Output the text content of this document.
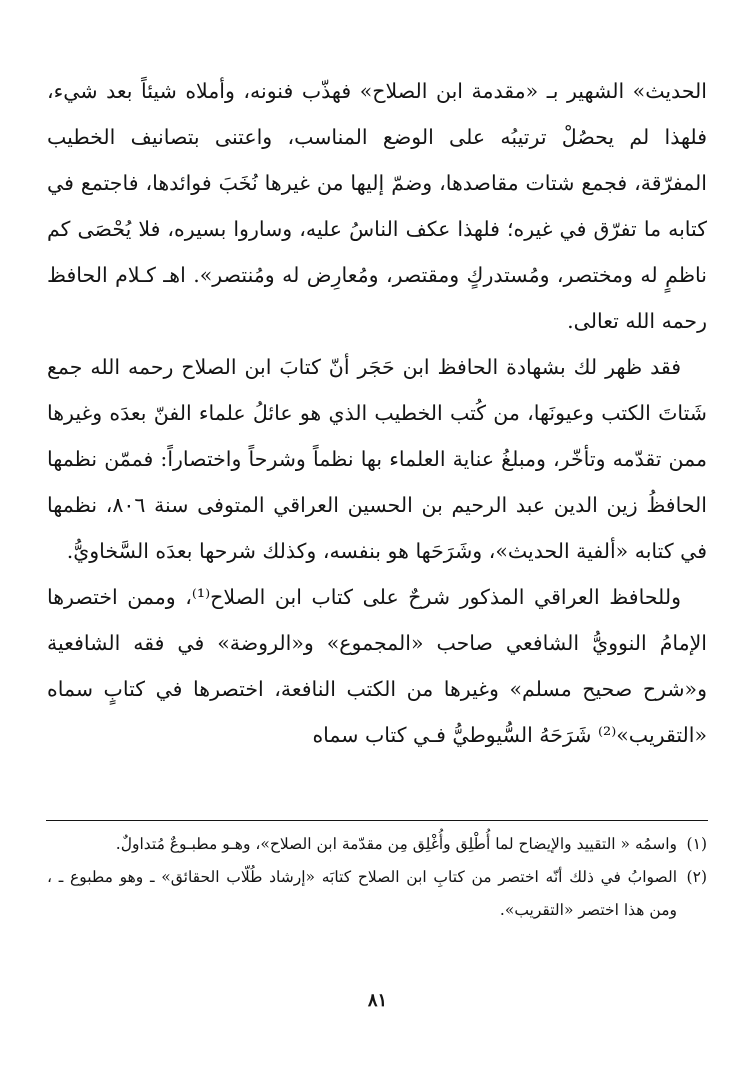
الحديث» الشهير بـ «مقدمة ابن الصلاح» فهذّب فنونه، وأملاه شيئاً بعد شيء، فلهذا لم يحصُلْ ترتيبُه على الوضع المناسب، واعتنى بتصانيف الخطيب المفرّقة، فجمع شتات مقاصدها، وضمّ إليها من غيرها نُخَبَ فوائدها، فاجتمع في كتابه ما تفرّق في غيره؛ فلهذا عكف الناسُ عليه، وساروا بسيره، فلا يُحْصَى كم ناظمٍ له ومختصر، ومُستدركٍ ومقتصر، ومُعارِض له ومُنتصر». اهـ كـلام الحافظ رحمه الله تعالى.

فقد ظهر لك بشهادة الحافظ ابن حَجَر أنّ كتابَ ابن الصلاح رحمه الله جمع شَتاتَ الكتب وعيونَها، من كُتب الخطيب الذي هو عائلُ علماء الفنّ بعدَه وغيرها ممن تقدّمه وتأخّر، ومبلغُ عناية العلماء بها نظماً وشرحاً واختصاراً: فممّن نظمها الحافظُ زين الدين عبد الرحيم بن الحسين العراقي المتوفى سنة ٨٠٦، نظمها في كتابه «ألفية الحديث»، وشَرَحَها هو بنفسه، وكذلك شرحها بعدَه السَّخاويُّ.

وللحافظ العراقي المذكور شرحٌ على كتاب ابن الصلاح⁽¹⁾، وممن اختصرها الإمامُ النوويُّ الشافعي صاحب «المجموع» و«الروضة» في فقه الشافعية و«شرح صحيح مسلم» وغيرها من الكتب النافعة، اختصرها في كتابٍ سماه «التقريب»⁽²⁾ شَرَحَهُ السُّيوطيُّ فـي كتاب سماه

(١)
واسمُه « التقييد والإيضاح لما أُطْلِق وأُغْلِق مِن مقدّمة ابن الصلاح»، وهـو مطبـوعٌ مُتداولٌ.

(٢)
الصوابُ في ذلك أنّه اختصر من كتابِ ابن الصلاح كتابَه «إرشاد طُلّاب الحقائق» ـ وهو مطبوع ـ ، ومن هذا اختصر «التقريب».

٨١
